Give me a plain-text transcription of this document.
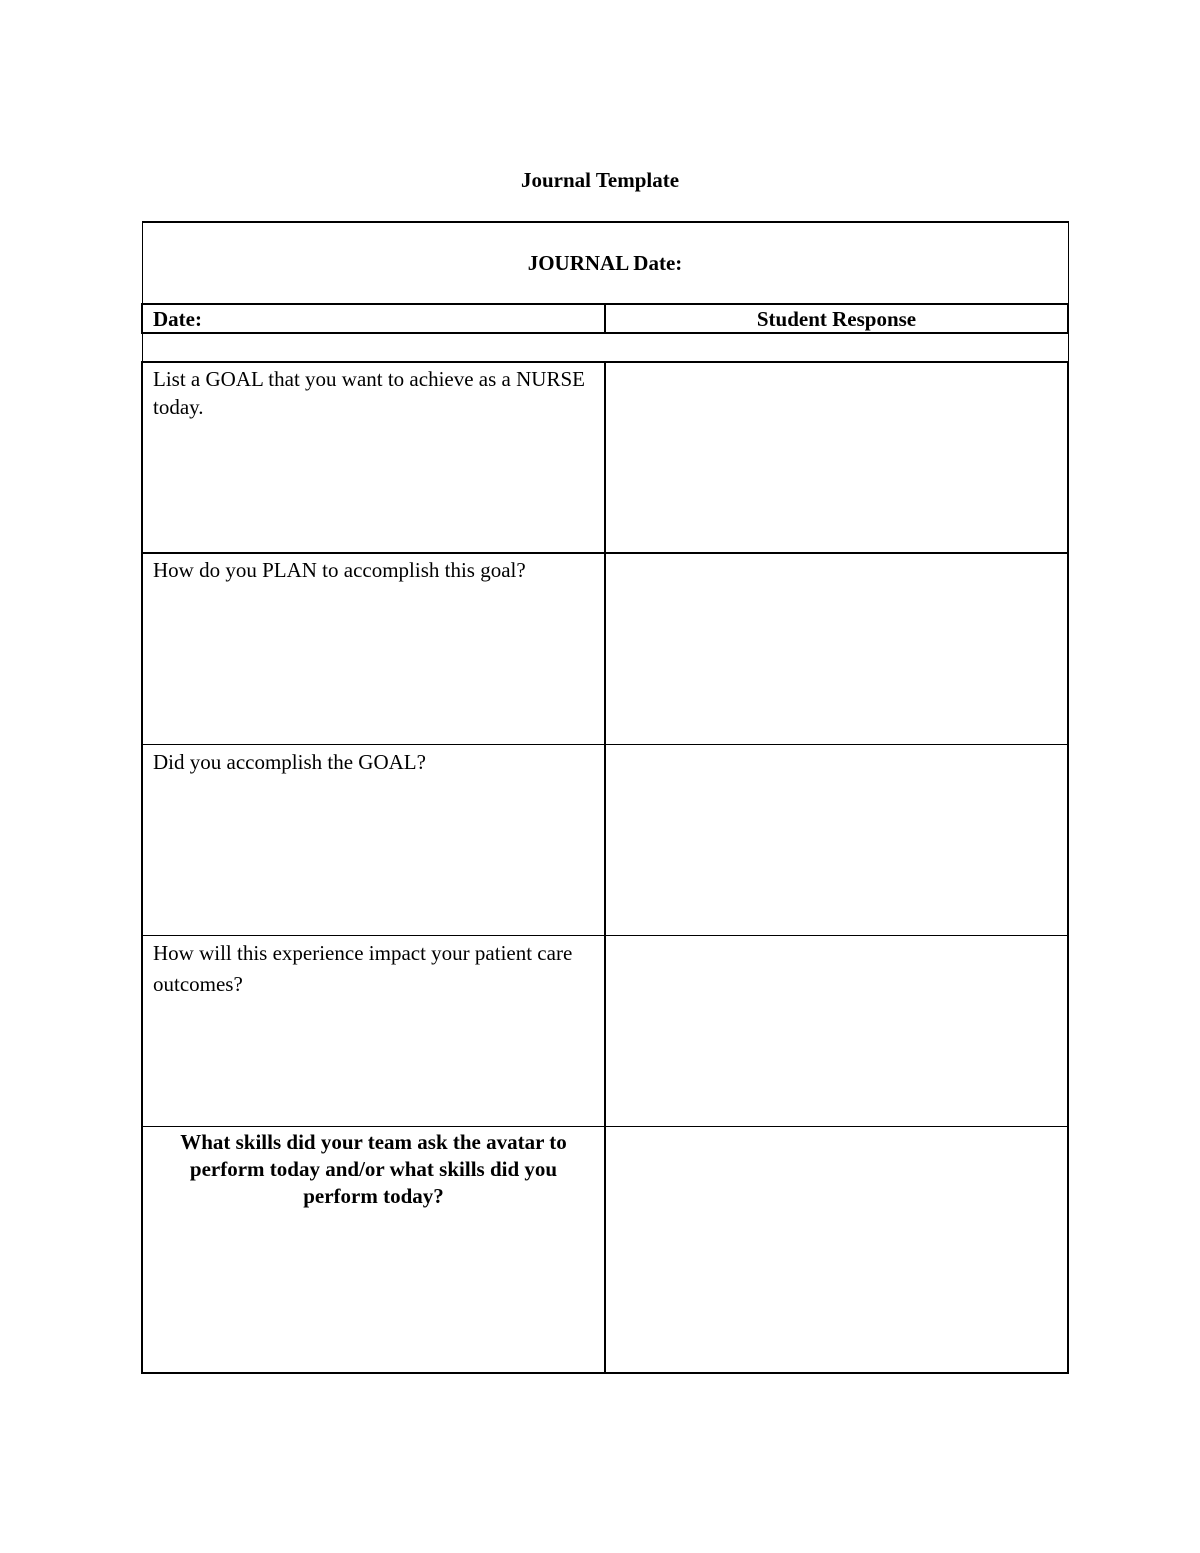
Journal Template
JOURNAL Date:	
Date:	Student Response

List a GOAL that you want to achieve as a NURSE today.	
How do you PLAN to accomplish this goal?	
Did you accomplish the GOAL?	
How will this experience impact your patient care outcomes?	
What skills did your team ask the avatar to perform today and/or what skills did you perform today?	
